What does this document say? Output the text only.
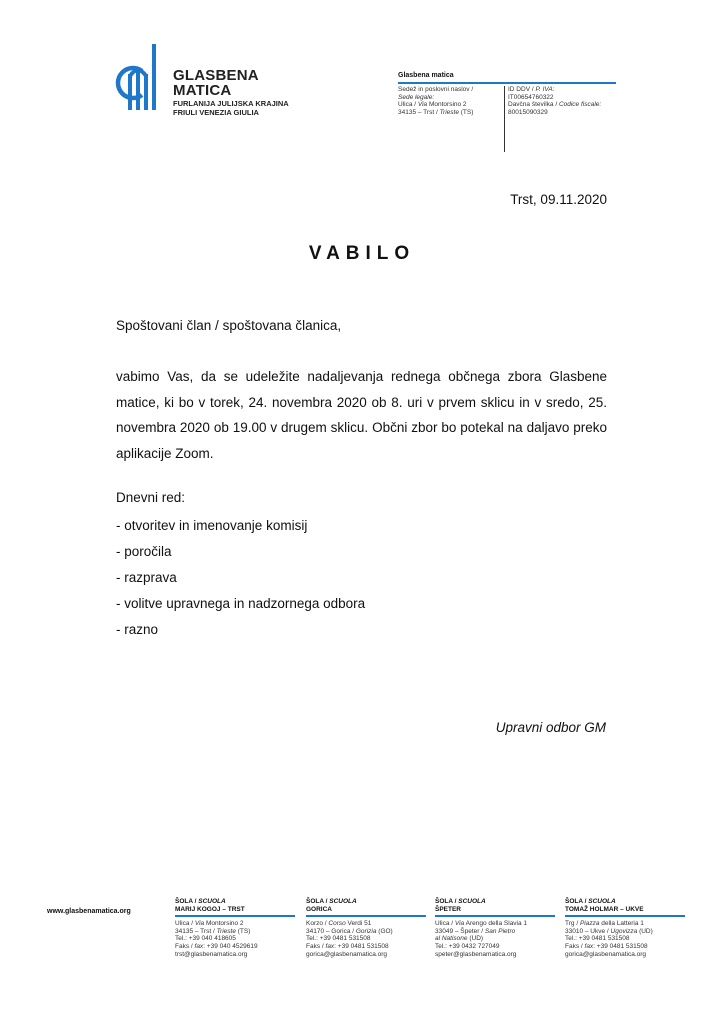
GLASBENA
MATICA
FURLANIJA JULIJSKA KRAJINA
FRIULI VENEZIA GIULIA
Glasbena matica
Sedež in poslovni naslov /
Sede legale:
Ulica / Via Montorsino 2
34135 – Trst / Trieste (TS)
ID DDV / P. IVA:
IT00654760322
Davčna številka / Codice fiscale:
80015090329
Trst, 09.11.2020
VABILO
Spoštovani član / spoštovana članica,
vabimo Vas, da se udeležite nadaljevanja rednega občnega zbora Glasbene matice, ki bo v torek, 24. novembra 2020 ob 8. uri v prvem sklicu in v sredo, 25. novembra 2020 ob 19.00 v drugem sklicu. Občni zbor bo potekal na daljavo preko aplikacije Zoom.
Dnevni red:
- otvoritev in imenovanje komisij
- poročila
- razprava
- volitve upravnega in nadzornega odbora
- razno
Upravni odbor GM
www.glasbenamatica.org
ŠOLA / SCUOLA
MARIJ KOGOJ – TRST
Ulica / Via Montorsino 2
34135 – Trst / Trieste (TS)
Tel.: +39 040 418605
Faks / fax: +39 040 4529619
trst@glasbenamatica.org
ŠOLA / SCUOLA
GORICA
Korzo / Corso Verdi 51
34170 – Gorica / Gorizia (GO)
Tel.: +39 0481 531508
Faks / fax: +39 0481 531508
gorica@glasbenamatica.org
ŠOLA / SCUOLA
ŠPETER
Ulica / Via Arengo della Slavia 1
33049 – Špeter / San Pietro
al Natisone (UD)
Tel.: +39 0432 727049
speter@glasbenamatica.org
ŠOLA / SCUOLA
TOMAŽ HOLMAR – UKVE
Trg / Piazza della Latteria 1
33010 – Ukve / Ugovizza (UD)
Tel.: +39 0481 531508
Faks / fax: +39 0481 531508
gorica@glasbenamatica.org
